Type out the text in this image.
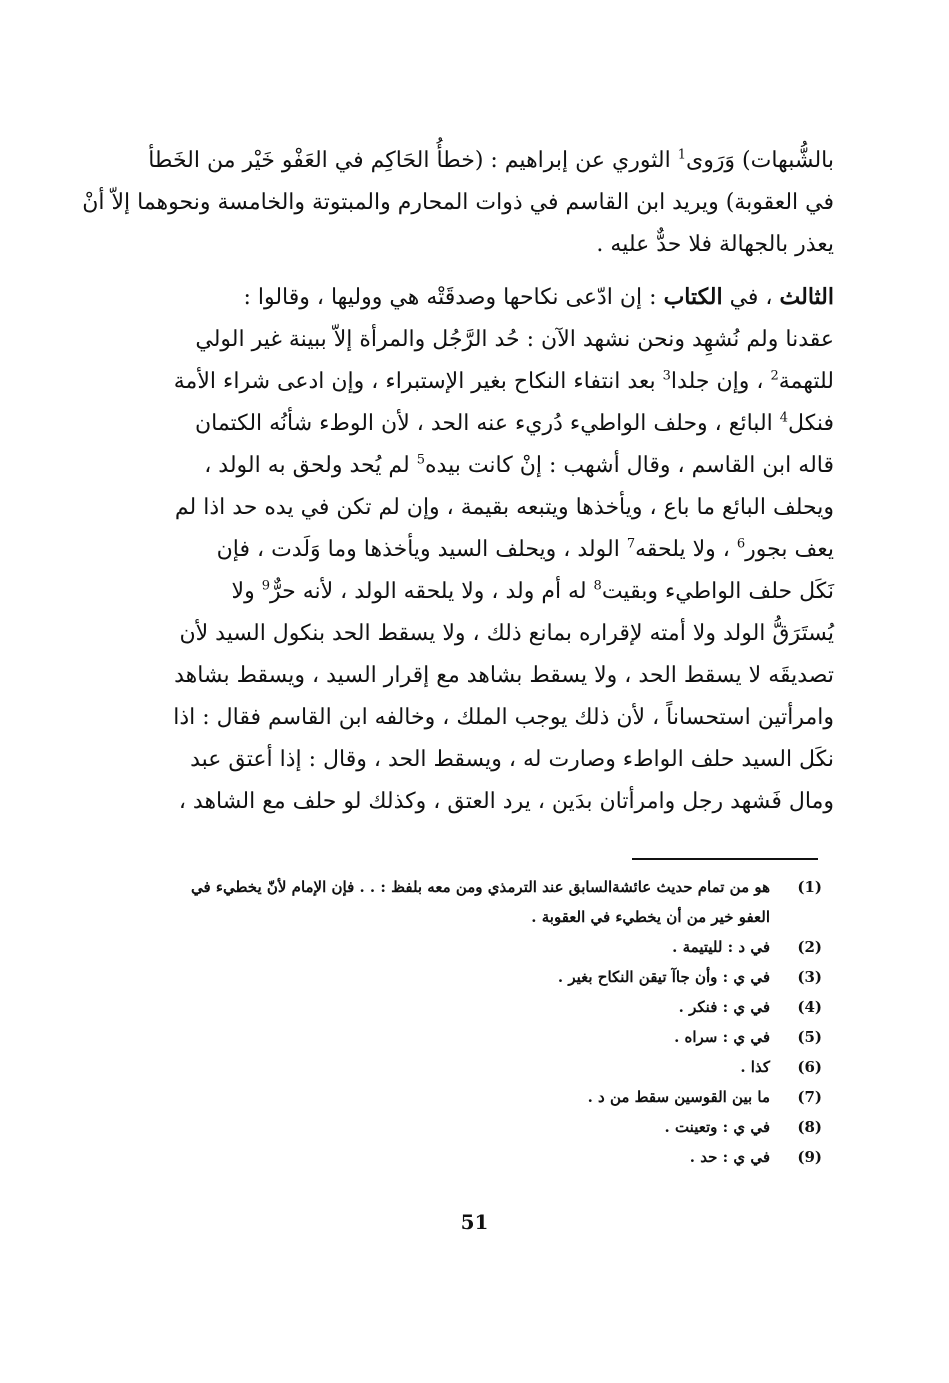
بالشُّبهات) وَرَوى$^1$ الثوري عن إبراهيم : (خطأُ الحَاكِم في العَفْو خَيْر من الخَطأ
في العقوبة) ويريد ابن القاسم في ذوات المحارم والمبتوتة والخامسة ونحوهما إلاّ أنْ
يعذر بالجهالة فلا حدٌّ عليه .

الثالث ، في الكتاب : إن ادّعى نكاحها وصدقَتْه هي ووليها ، وقالوا :
عقدنا ولم نُشهِد ونحن نشهد الآن : حُد الرَّجُل والمرأة إلاّ ببينة غير الولي
للتهمة$^2$ ، وإن جلدا$^3$ بعد انتفاء النكاح بغير الإستبراء ، وإن ادعى شراء الأمة
فنكل$^4$ البائع ، وحلف الواطيء دُريء عنه الحد ، لأن الوطء شأنُه الكتمان
قاله ابن القاسم ، وقال أشهب : إنْ كانت بيده$^5$ لم يُحد ولحق به الولد ،
ويحلف البائع ما باع ، ويأخذها ويتبعه بقيمة ، وإن لم تكن في يده حد اذا لم
يعف بجور$^6$ ، ولا يلحقه$^7$ الولد ، ويحلف السيد ويأخذها وما وَلَدت ، فإن
نَكَل حلف الواطيء وبقيت$^8$ له أم ولد ، ولا يلحقه الولد ، لأنه حرٌّ$^9$ ولا
يُستَرَقُّ الولد ولا أمته لإقراره بمانع ذلك ، ولا يسقط الحد بنكول السيد لأن
تصديقَه لا يسقط الحد ، ولا يسقط بشاهد مع إقرار السيد ، ويسقط بشاهد
وامرأتين استحساناً ، لأن ذلك يوجب الملك ، وخالفه ابن القاسم فقال : اذا
نكَل السيد حلف الواطء وصارت له ، ويسقط الحد ، وقال : إذا أعتق عبد
ومال فَشهد رجل وامرأتان بدَين ، يرد العتق ، وكذلك لو حلف مع الشاهد ،

(1)
هو من تمام حديث عائشةالسابق عند الترمذي ومن معه بلفظ : . . فإن الإمام لأنّ يخطيء في
العفو خير من أن يخطيء في العقوبة .
(2)
في د : لليتيمة .
(3)
في ي : وأن جاآ تيقن النكاح بغير .
(4)
في ي : فنكر .
(5)
في ي : سراه .
(6)
كذا .
(7)
ما بين القوسين سقط من د .
(8)
في ي : وتعينت .
(9)
في ي : حد .
51
